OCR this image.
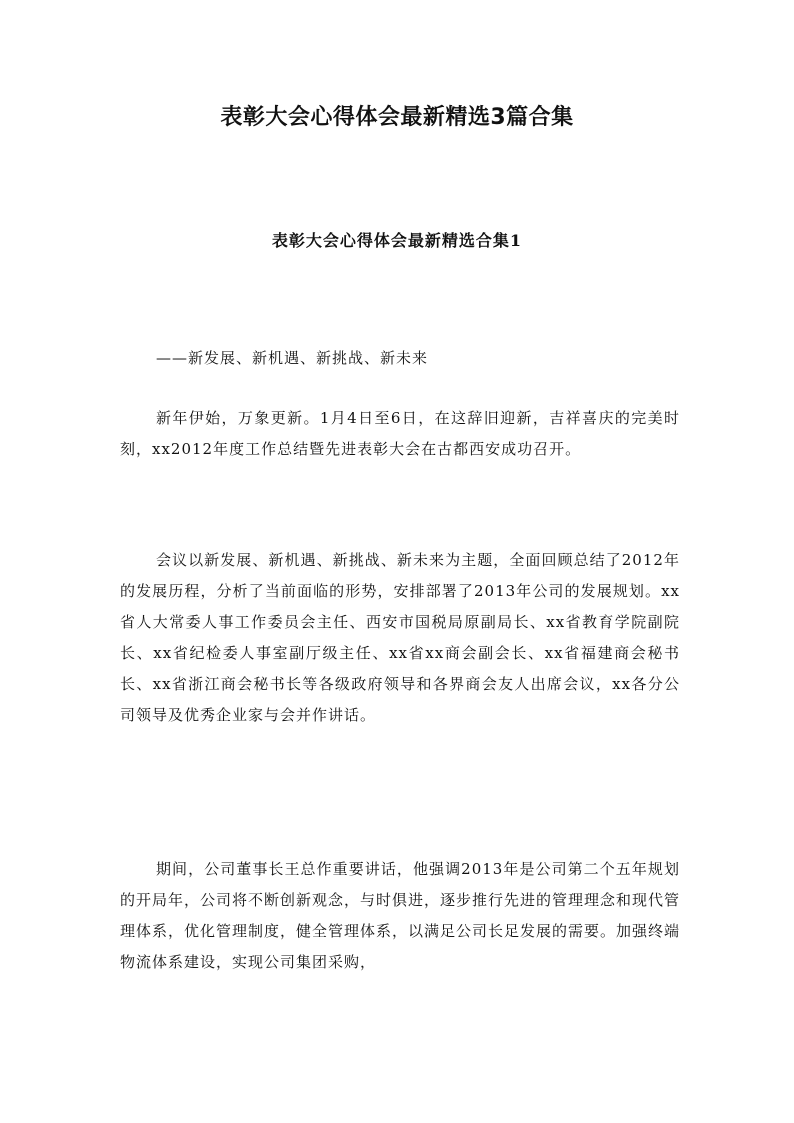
表彰大会心得体会最新精选3篇合集
表彰大会心得体会最新精选合集1

——新发展、新机遇、新挑战、新未来

新年伊始，万象更新。1月4日至6日，在这辞旧迎新，吉祥喜庆的完美时刻，xx2012年度工作总结暨先进表彰大会在古都西安成功召开。

会议以新发展、新机遇、新挑战、新未来为主题，全面回顾总结了2012年的发展历程，分析了当前面临的形势，安排部署了2013年公司的发展规划。xx省人大常委人事工作委员会主任、西安市国税局原副局长、xx省教育学院副院长、xx省纪检委人事室副厅级主任、xx省xx商会副会长、xx省福建商会秘书长、xx省浙江商会秘书长等各级政府领导和各界商会友人出席会议，xx各分公司领导及优秀企业家与会并作讲话。

期间，公司董事长王总作重要讲话，他强调2013年是公司第二个五年规划的开局年，公司将不断创新观念，与时俱进，逐步推行先进的管理理念和现代管理体系，优化管理制度，健全管理体系，以满足公司长足发展的需要。加强终端物流体系建设，实现公司集团采购，
